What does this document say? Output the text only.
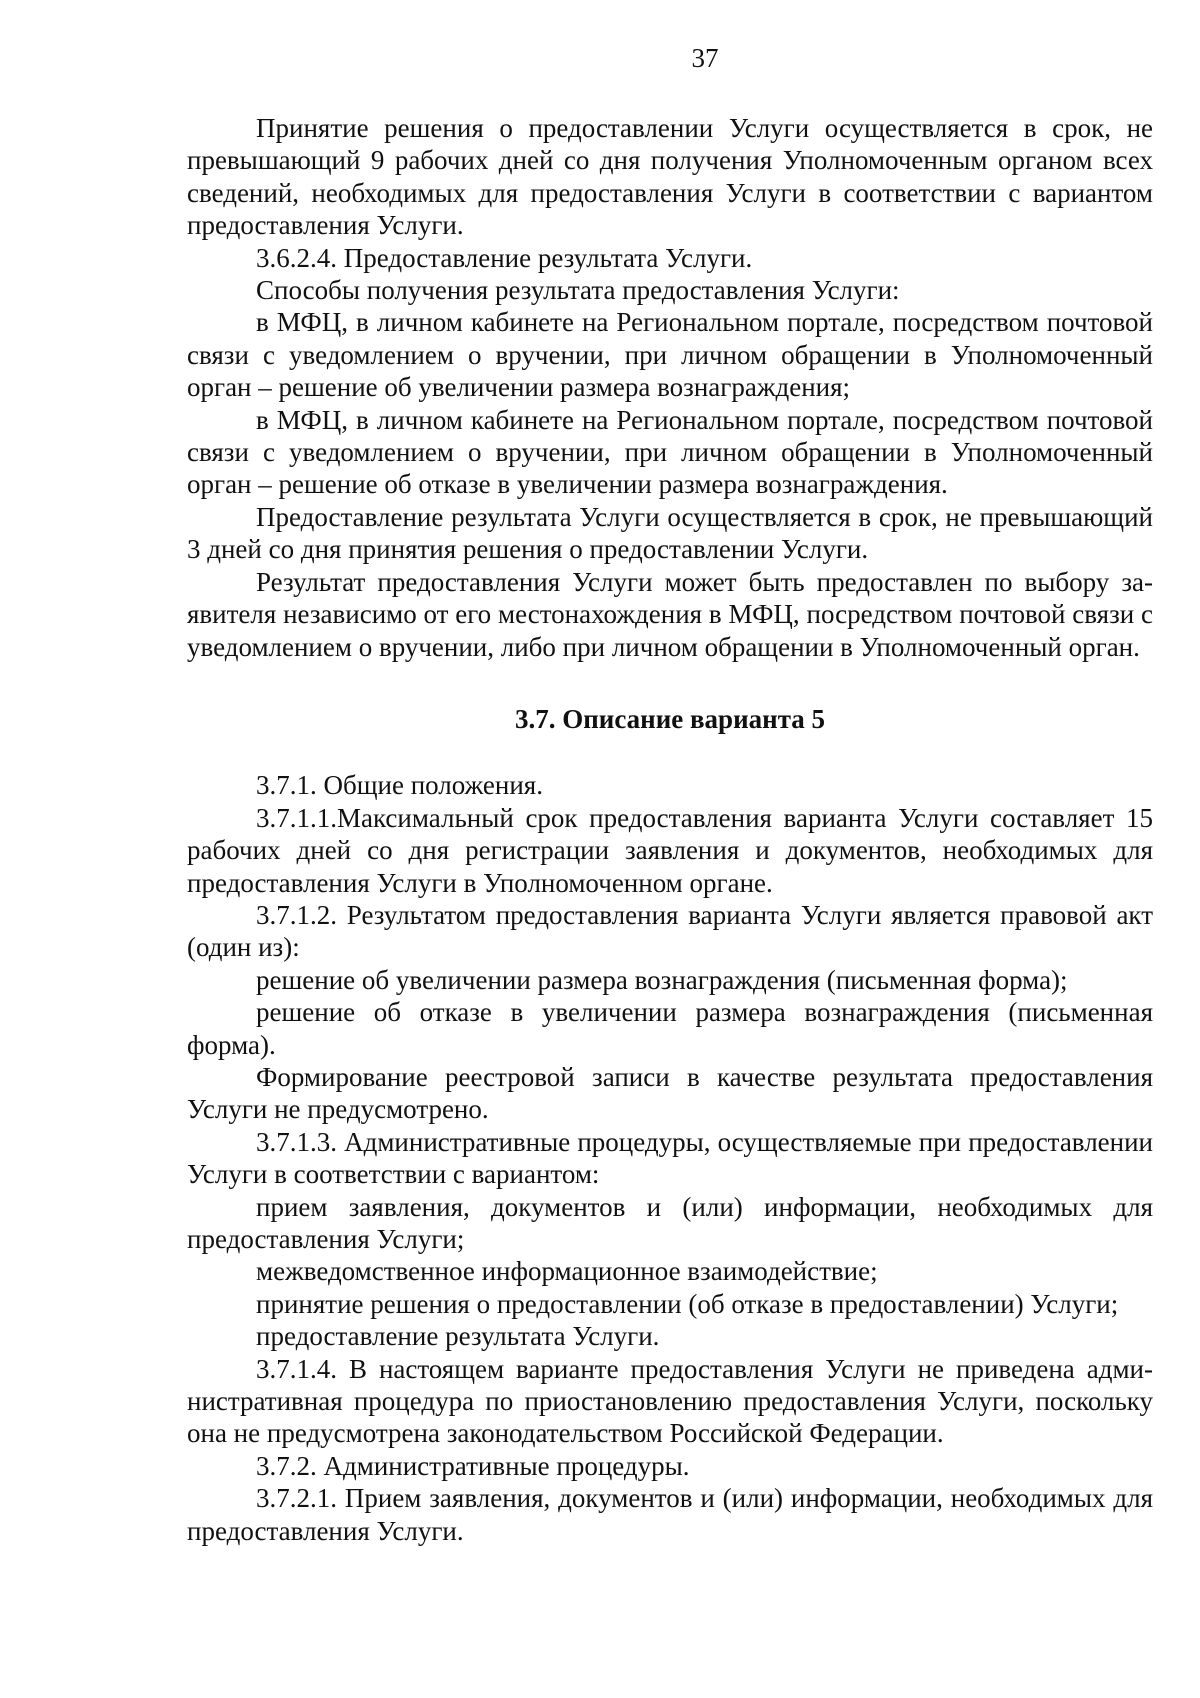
37

Принятие решения о предоставлении Услуги осуществляется в срок, не превышающий 9 рабочих дней со дня получения Уполномоченным органом всех сведений, необходимых для предоставления Услуги в соответствии с вариантом предоставления Услуги.

3.6.2.4. Предоставление результата Услуги.

Способы получения результата предоставления Услуги:

в МФЦ, в личном кабинете на Региональном портале, посредством почтовой связи с уведомлением о вручении, при личном обращении в Уполномоченный орган – решение об увеличении размера вознаграждения;

в МФЦ, в личном кабинете на Региональном портале, посредством почтовой связи с уведомлением о вручении, при личном обращении в Уполномоченный орган – решение об отказе в увеличении размера вознаграждения.

Предоставление результата Услуги осуществляется в срок, не превышающий 3 дней со дня принятия решения о предоставлении Услуги.

Результат предоставления Услуги может быть предоставлен по выбору заявителя независимо от его местонахождения в МФЦ, посредством почтовой связи с уведомлением о вручении, либо при личном обращении в Уполномоченный орган.

3.7. Описание варианта 5

3.7.1. Общие положения.

3.7.1.1.Максимальный срок предоставления варианта Услуги составляет 15 рабочих дней со дня регистрации заявления и документов, необходимых для предоставления Услуги в Уполномоченном органе.

3.7.1.2. Результатом предоставления варианта Услуги является правовой акт (один из):

решение об увеличении размера вознаграждения (письменная форма);

решение об отказе в увеличении размера вознаграждения (письменная форма).

Формирование реестровой записи в качестве результата предоставления Услуги не предусмотрено.

3.7.1.3. Административные процедуры, осуществляемые при предоставлении Услуги в соответствии с вариантом:

прием заявления, документов и (или) информации, необходимых для предоставления Услуги;

межведомственное информационное взаимодействие;

принятие решения о предоставлении (об отказе в предоставлении) Услуги;

предоставление результата Услуги.

3.7.1.4. В настоящем варианте предоставления Услуги не приведена административная процедура по приостановлению предоставления Услуги, поскольку она не предусмотрена законодательством Российской Федерации.

3.7.2. Административные процедуры.

3.7.2.1. Прием заявления, документов и (или) информации, необходимых для предоставления Услуги.
